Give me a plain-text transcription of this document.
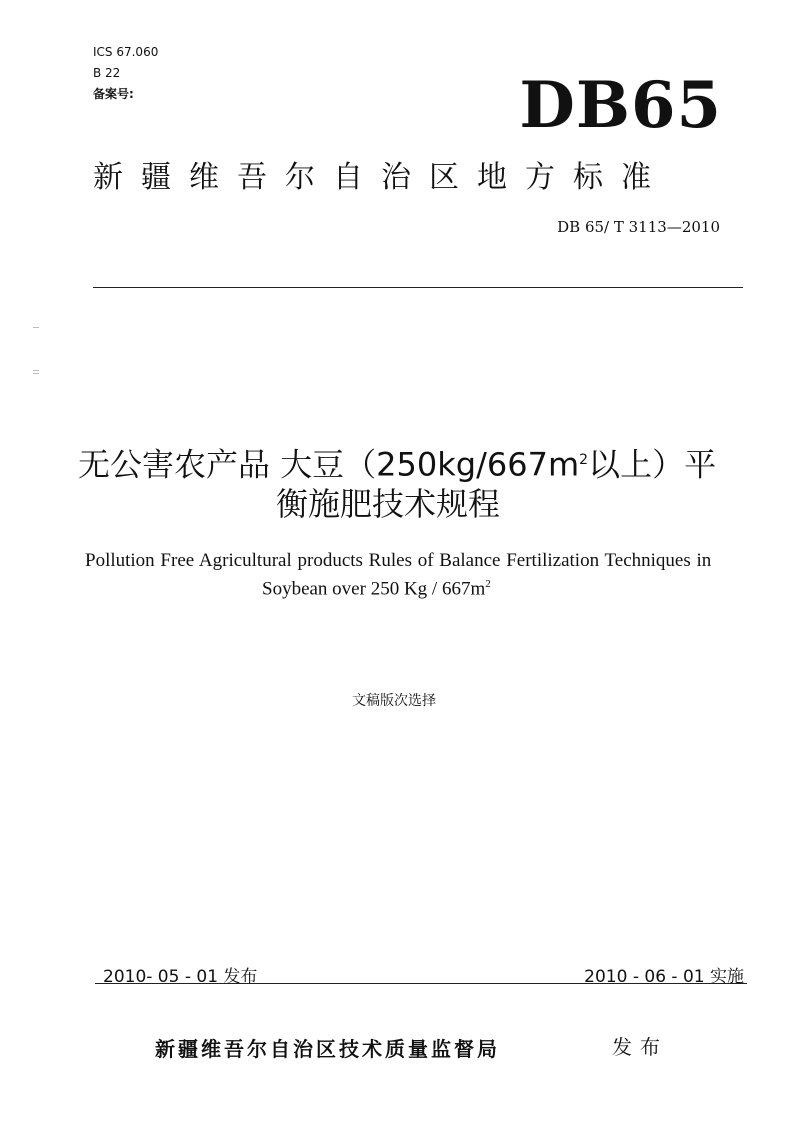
ICS 67.060
B 22
备案号:	DB65
新疆维吾尔自治区地方标准
DB 65/ T 3113—2010
无公害农产品 大豆（$250kg/667m^2$以上）平
衡施肥技术规程
Pollution Free Agricultural products Rules of Balance Fertilization Techniques in
Soybean over 250 Kg / $667m^2$
文稿版次选择
2010- 05 - 01 发布	2010 - 06 - 01 实施
新疆维吾尔自治区技术质量监督局	发布
